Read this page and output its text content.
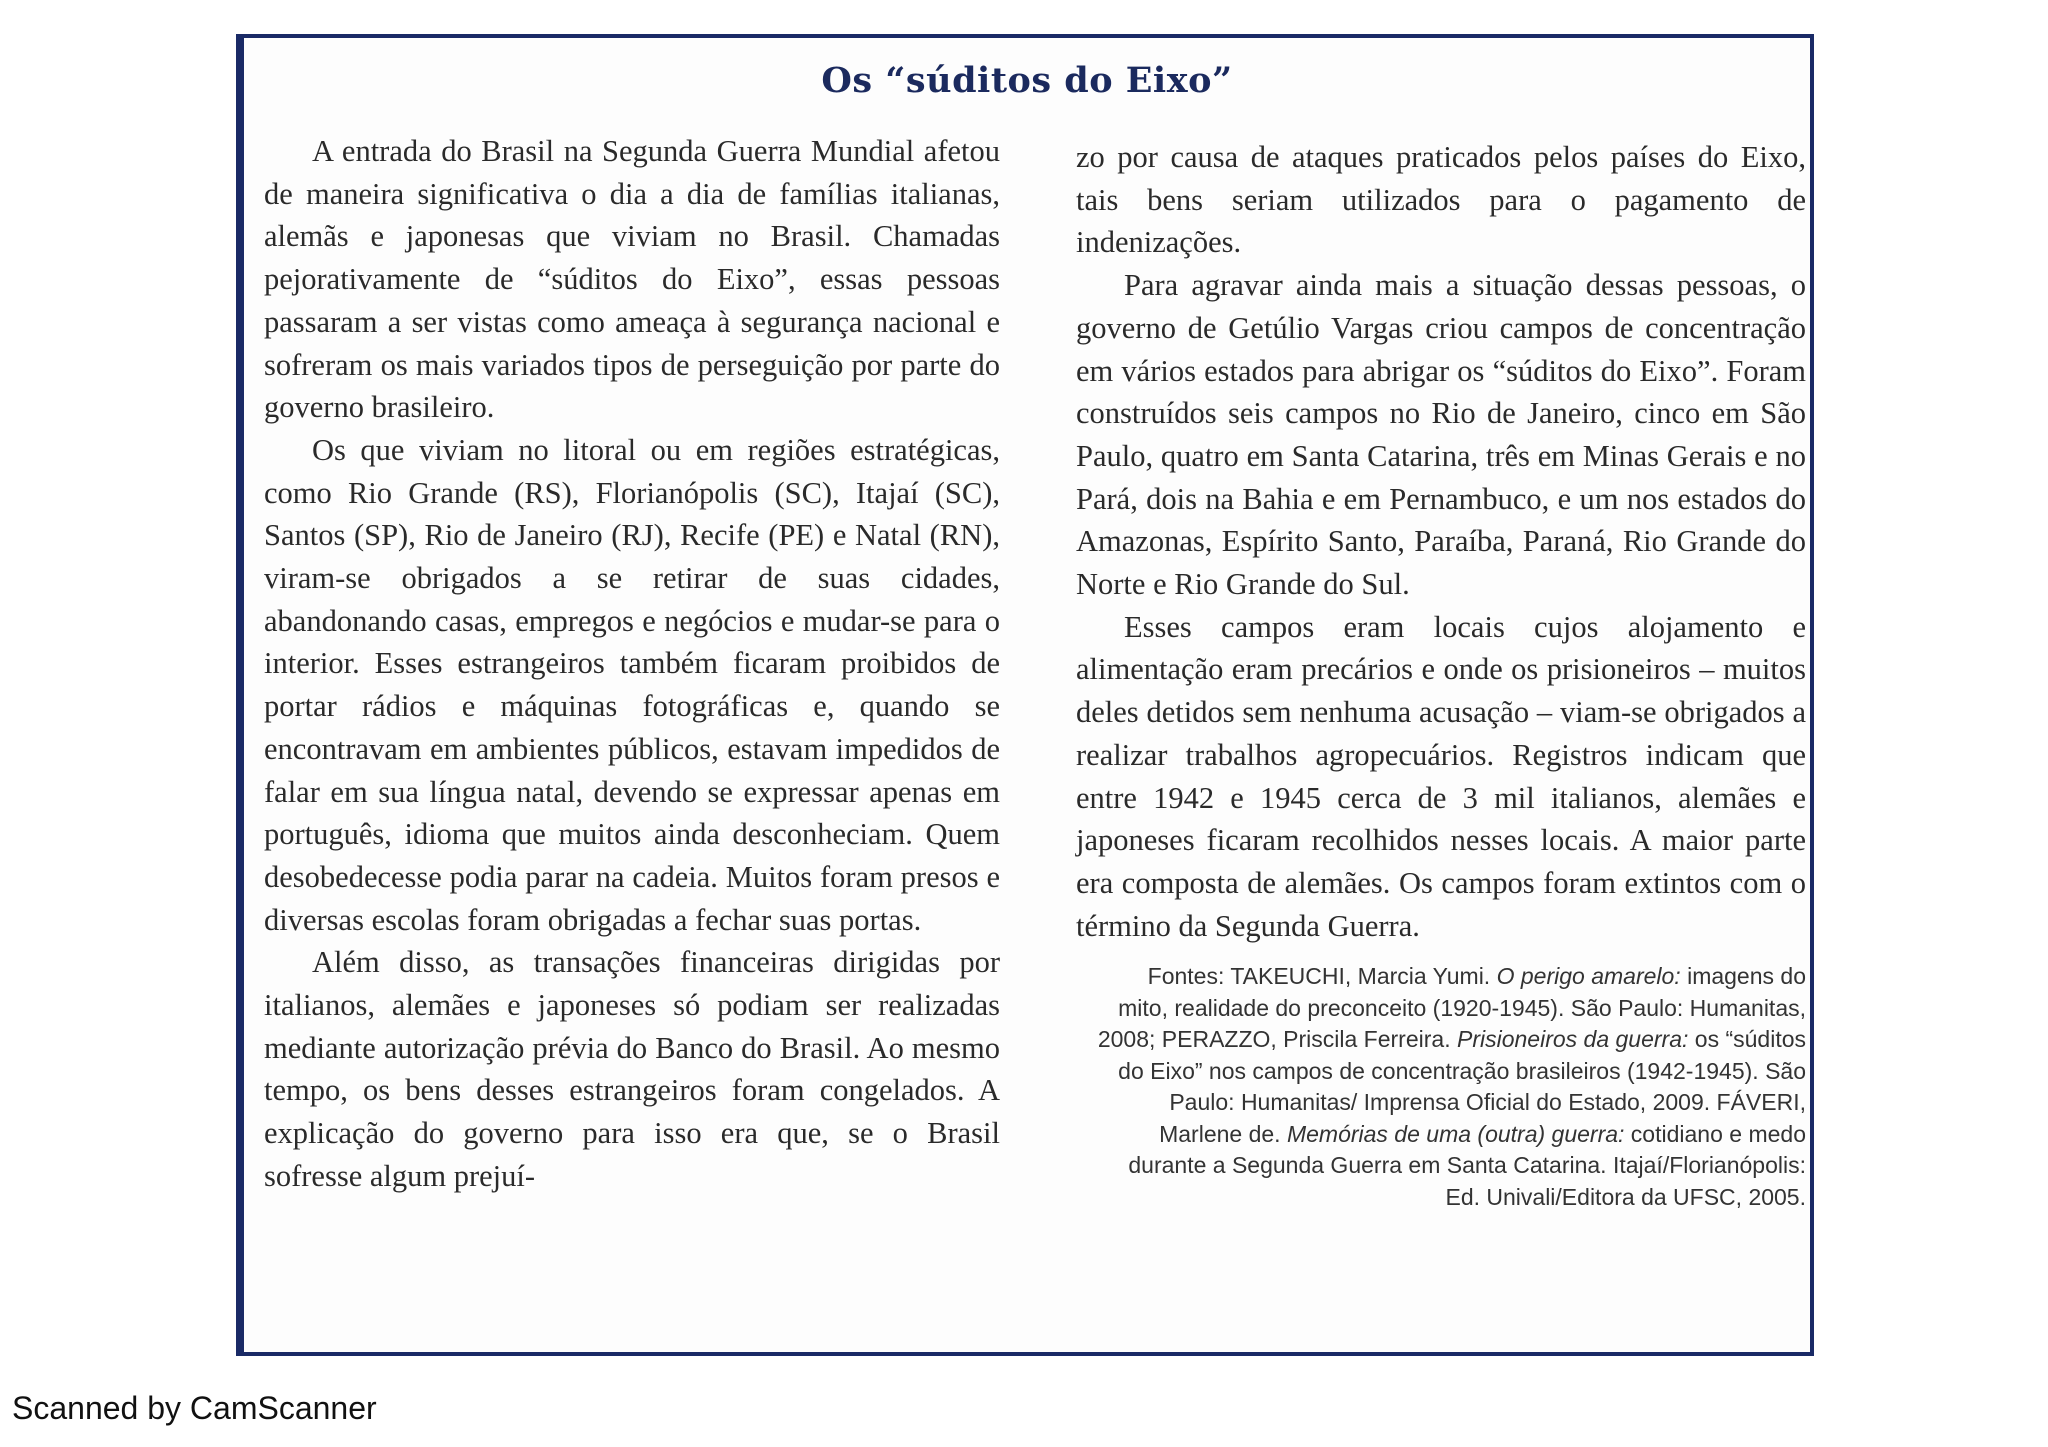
Os “súditos do Eixo”

A entrada do Brasil na Segunda Guerra Mundial afetou de maneira significativa o dia a dia de famílias italianas, alemãs e japonesas que viviam no Brasil. Chamadas pejorativamente de “súditos do Eixo”, essas pessoas passaram a ser vistas como ameaça à segurança nacional e sofreram os mais variados tipos de perseguição por parte do governo brasileiro.

Os que viviam no litoral ou em regiões estratégicas, como Rio Grande (RS), Florianópolis (SC), Itajaí (SC), Santos (SP), Rio de Janeiro (RJ), Recife (PE) e Natal (RN), viram-se obrigados a se retirar de suas cidades, abandonando casas, empregos e negócios e mudar-se para o interior. Esses estrangeiros também ficaram proibidos de portar rádios e máquinas fotográficas e, quando se encontravam em ambientes públicos, estavam impedidos de falar em sua língua natal, devendo se expressar apenas em português, idioma que muitos ainda desconheciam. Quem desobedecesse podia parar na cadeia. Muitos foram presos e diversas escolas foram obrigadas a fechar suas portas.

Além disso, as transações financeiras dirigidas por italianos, alemães e japoneses só podiam ser realizadas mediante autorização prévia do Banco do Brasil. Ao mesmo tempo, os bens desses estrangeiros foram congelados. A explicação do governo para isso era que, se o Brasil sofresse algum prejuí-

zo por causa de ataques praticados pelos países do Eixo, tais bens seriam utilizados para o pagamento de indenizações.

Para agravar ainda mais a situação dessas pessoas, o governo de Getúlio Vargas criou campos de concentração em vários estados para abrigar os “súditos do Eixo”. Foram construídos seis campos no Rio de Janeiro, cinco em São Paulo, quatro em Santa Catarina, três em Minas Gerais e no Pará, dois na Bahia e em Pernambuco, e um nos estados do Amazonas, Espírito Santo, Paraíba, Paraná, Rio Grande do Norte e Rio Grande do Sul.

Esses campos eram locais cujos alojamento e alimentação eram precários e onde os prisioneiros – muitos deles detidos sem nenhuma acusação – viam-se obrigados a realizar trabalhos agropecuários. Registros indicam que entre 1942 e 1945 cerca de 3 mil italianos, alemães e japoneses ficaram recolhidos nesses locais. A maior parte era composta de alemães. Os campos foram extintos com o término da Segunda Guerra.

Fontes: TAKEUCHI, Marcia Yumi. O perigo amarelo: imagens do mito, realidade do preconceito (1920-1945). São Paulo: Humanitas, 2008; PERAZZO, Priscila Ferreira. Prisioneiros da guerra: os “súditos do Eixo” nos campos de concentração brasileiros (1942-1945). São Paulo: Humanitas/ Imprensa Oficial do Estado, 2009. FÁVERI, Marlene de. Memórias de uma (outra) guerra: cotidiano e medo durante a Segunda Guerra em Santa Catarina. Itajaí/Florianópolis: Ed. Univali/Editora da UFSC, 2005.
Scanned by CamScanner
